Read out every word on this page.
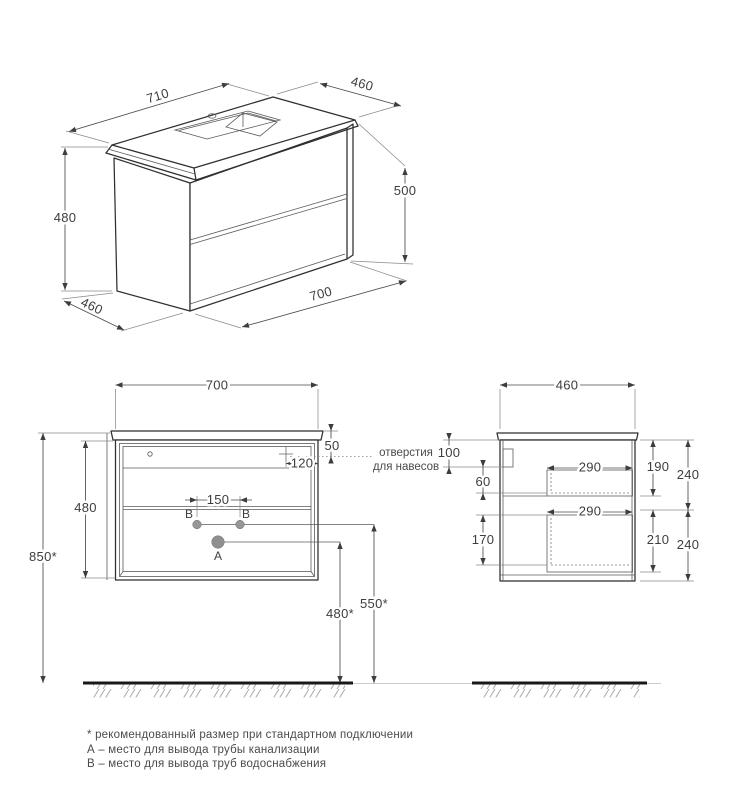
710
460
500
480
460
700
отверстия
для навесов
В	В
А
700
50
120
480
850*
150
550*
480*
460
100
60
290
290
170
190
240
210 240
* рекомендованный размер при стандартном подключении
А – место для вывода трубы канализации
В – место для вывода труб водоснабжения
